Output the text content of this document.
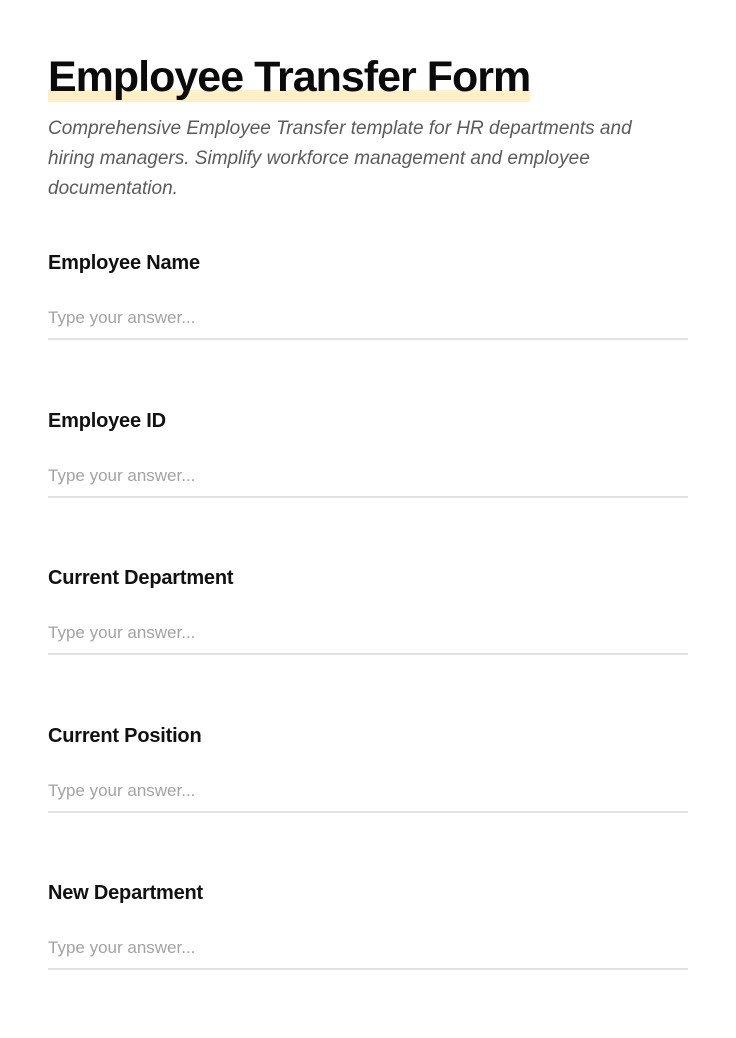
Employee Transfer Form

Comprehensive Employee Transfer template for HR departments and hiring managers. Simplify workforce management and employee documentation.

Employee Name
Type your answer...
Employee ID
Type your answer...
Current Department
Type your answer...
Current Position
Type your answer...
New Department
Type your answer...
